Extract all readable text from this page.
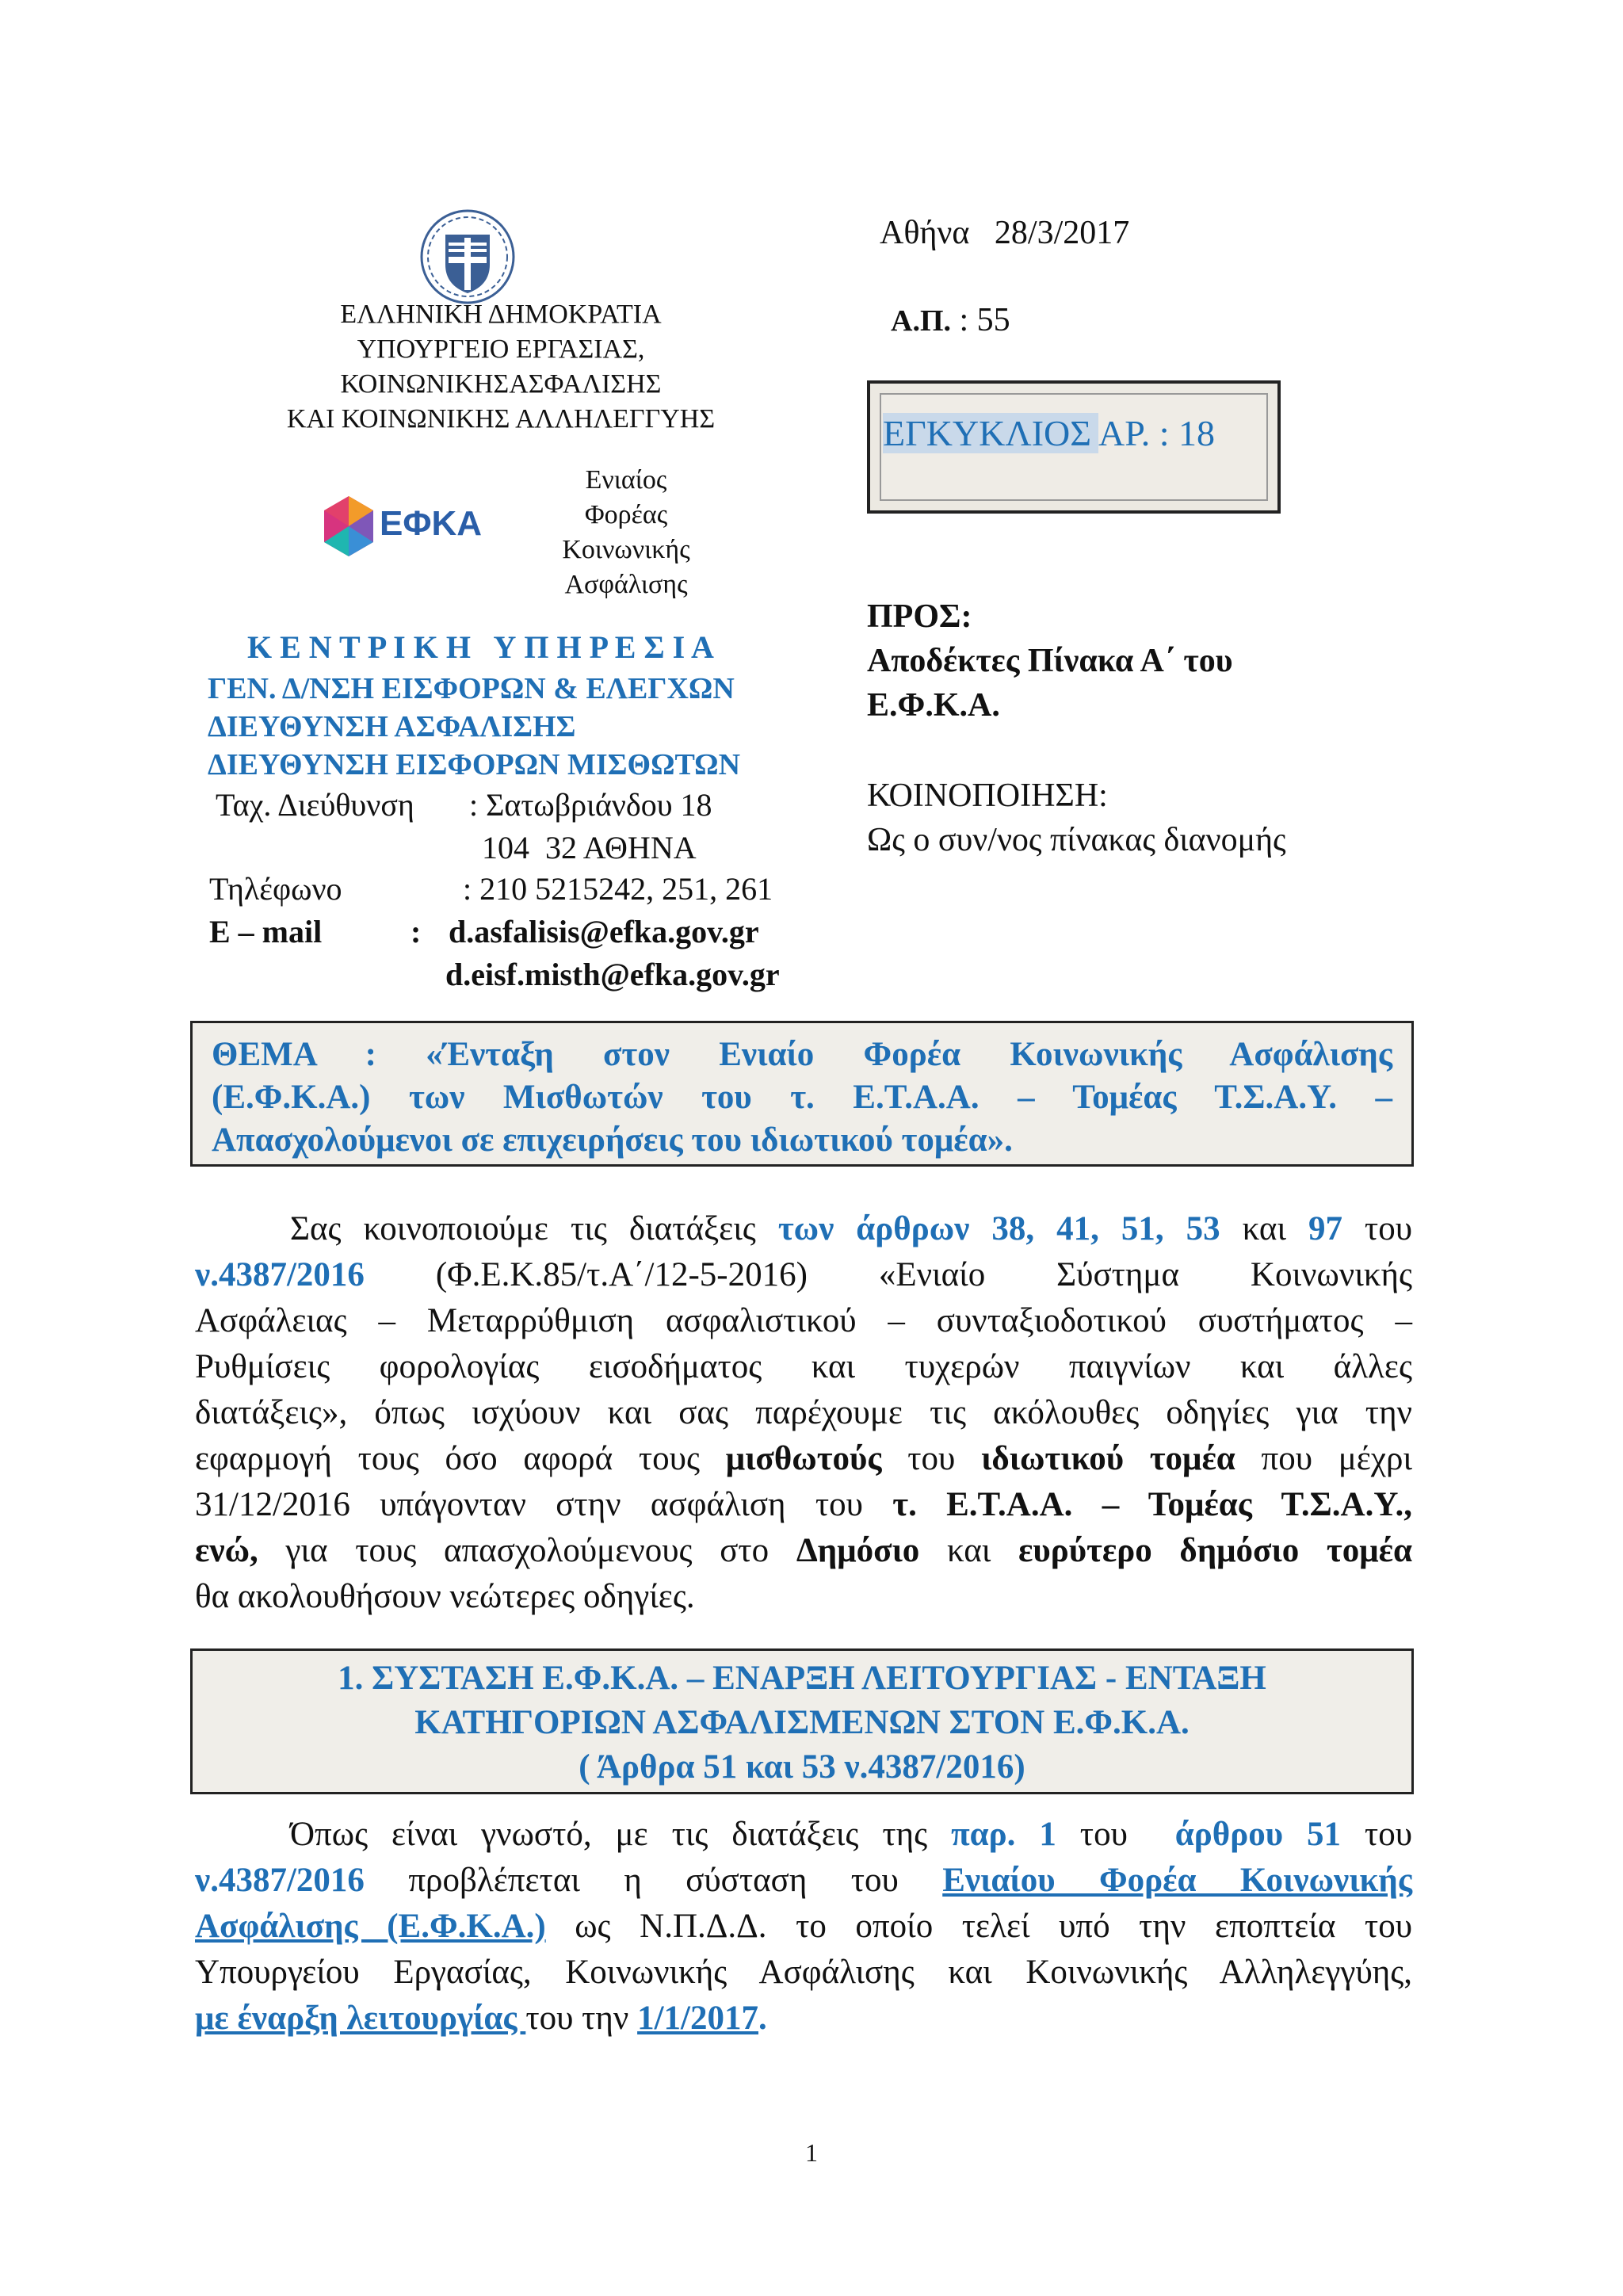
ΕΛΛΗΝΙΚΗ ΔΗΜΟΚΡΑΤΙΑ
ΥΠΟΥΡΓΕΙΟ ΕΡΓΑΣΙΑΣ,
ΚΟΙΝΩΝΙΚΗΣΑΣΦΑΛΙΣΗΣ
ΚΑΙ ΚΟΙΝΩΝΙΚΗΣ ΑΛΛΗΛΕΓΓΥΗΣ
ΕΦΚΑ
Ενιαίος
Φορέας
Κοινωνικής
Ασφάλισης
Κ Ε Ν Τ Ρ Ι Κ Η   Υ Π Η Ρ Ε Σ Ι Α
ΓΕΝ. Δ/ΝΣΗ ΕΙΣΦΟΡΩΝ & ΕΛΕΓΧΩΝ
ΔΙΕΥΘΥΝΣΗ ΑΣΦΑΛΙΣΗΣ
ΔΙΕΥΘΥΝΣΗ ΕΙΣΦΟΡΩΝ ΜΙΣΘΩΤΩΝ
Ταχ. Διεύθυνση : Σατωβριάνδου 18
104  32 ΑΘΗΝΑ
Τηλέφωνο	: 210 5215242, 251, 261
E – mail	: d.asfalisis@efka.gov.gr
d.eisf.misth@efka.gov.gr
Αθήνα   28/3/2017
Α.Π. : 55
ΕΓΚΥΚΛΙΟΣ ΑΡ. : 18
ΠΡΟΣ:
Αποδέκτες Πίνακα Α΄ του
Ε.Φ.Κ.Α.
ΚΟΙΝΟΠΟΙΗΣΗ:
Ως ο συν/νος πίνακας διανομής
ΘΕΜΑ : «Ένταξη στον Ενιαίο Φορέα Κοινωνικής Ασφάλισης
(Ε.Φ.Κ.Α.) των Μισθωτών του τ. Ε.Τ.Α.Α. – Τομέας Τ.Σ.Α.Υ. –
Απασχολούμενοι σε επιχειρήσεις του ιδιωτικού τομέα».
Σας κοινοποιούμε τις διατάξεις των άρθρων 38, 41, 51, 53 και 97 του
ν.4387/2016 (Φ.Ε.Κ.85/τ.Α΄/12-5-2016) «Ενιαίο Σύστημα Κοινωνικής
Ασφάλειας – Μεταρρύθμιση ασφαλιστικού – συνταξιοδοτικού συστήματος –
Ρυθμίσεις φορολογίας εισοδήματος και τυχερών παιγνίων και άλλες
διατάξεις», όπως ισχύουν και σας παρέχουμε τις ακόλουθες οδηγίες για την
εφαρμογή τους όσο αφορά τους μισθωτούς του ιδιωτικού τομέα που μέχρι
31/12/2016 υπάγονταν στην ασφάλιση του τ. Ε.Τ.Α.Α. – Τομέας Τ.Σ.Α.Υ.,
ενώ, για τους απασχολούμενους στο Δημόσιο και ευρύτερο δημόσιο τομέα
θα ακολουθήσουν νεώτερες οδηγίες.
1. ΣΥΣΤΑΣΗ Ε.Φ.Κ.Α. – ΕΝΑΡΞΗ ΛΕΙΤΟΥΡΓΙΑΣ - ΕΝΤΑΞΗ
ΚΑΤΗΓΟΡΙΩΝ ΑΣΦΑΛΙΣΜΕΝΩΝ ΣΤΟΝ Ε.Φ.Κ.Α.
( Άρθρα 51 και 53 ν.4387/2016)
Όπως είναι γνωστό, με τις διατάξεις της παρ. 1 του  άρθρου 51 του
ν.4387/2016 προβλέπεται η σύσταση του Ενιαίου Φορέα Κοινωνικής
Ασφάλισης (Ε.Φ.Κ.Α.) ως Ν.Π.Δ.Δ. το οποίο τελεί υπό την εποπτεία του
Υπουργείου Εργασίας, Κοινωνικής Ασφάλισης και Κοινωνικής Αλληλεγγύης,
με έναρξη λειτουργίας του την 1/1/2017.
1
